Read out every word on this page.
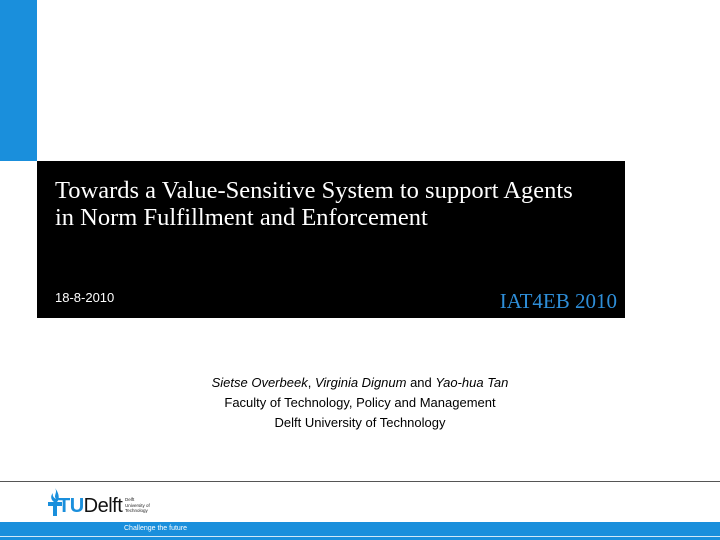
Towards a Value-Sensitive System to support Agents in Norm Fulfillment and Enforcement
18-8-2010	IAT4EB 2010
Sietse Overbeek, Virginia Dignum and Yao-hua Tan
Faculty of Technology, Policy and Management
Delft University of Technology
TUDelft Delft
University of
Technology
Challenge the future
